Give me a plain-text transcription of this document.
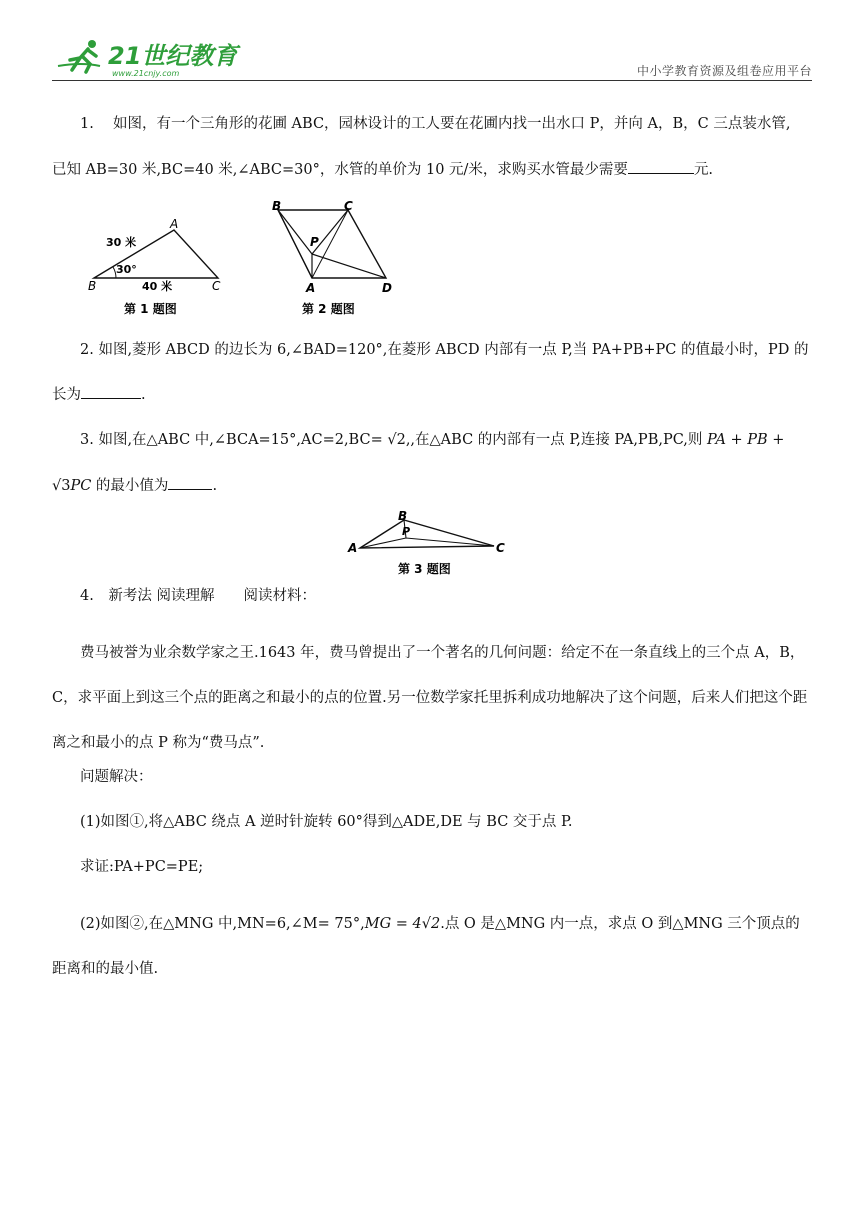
21世纪教育
www.21cnjy.com	中小学教育资源及组卷应用平台

1.　 如图，有一个三角形的花圃 ABC，园林设计的工人要在花圃内找一出水口 P，并向 A，B，C 三点装水管,

已知 AB=30 米,BC=40 米,∠ABC=30°，水管的单价为 10 元/米，求购买水管最少需要	元.

A
B	C
30 米
30°
40 米
第 1 题图
B	C
P
A	D
第 2 题图

2. 如图,菱形 ABCD 的边长为 6,∠BAD=120°,在菱形 ABCD 内部有一点 P,当 PA+PB+PC 的值最小时，PD 的

长为	.

3. 如图,在△ABC 中,∠BCA=15°,AC=2,BC= √2,,在△ABC 的内部有一点 P,连接 PA,PB,PC,则 PA + PB +

√3PC 的最小值为	.

A
B
P
C
第 3 题图

4.　新考法 阅读理解　　阅读材料：

费马被誉为业余数学家之王.1643 年，费马曾提出了一个著名的几何问题：给定不在一条直线上的三个点 A，B，C，求平面上到这三个点的距离之和最小的点的位置.另一位数学家托里拆利成功地解决了这个问题，后来人们把这个距离之和最小的点 P 称为“费马点”.

问题解决：

(1)如图①,将△ABC 绕点 A 逆时针旋转 60°得到△ADE,DE 与 BC 交于点 P.

求证:PA+PC=PE;

(2)如图②,在△MNG 中,MN=6,∠M= 75°,MG = 4√2.点 O 是△MNG 内一点，求点 O 到△MNG 三个顶点的距离和的最小值.
